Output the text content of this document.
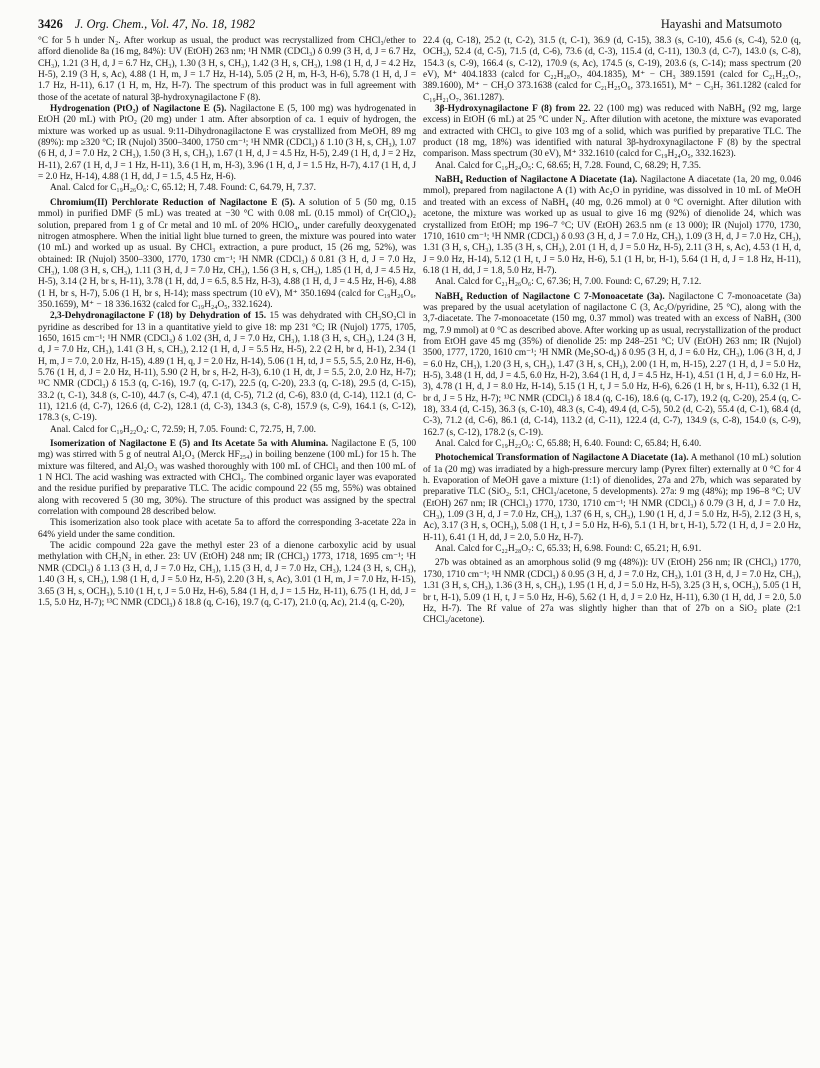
3426 J. Org. Chem., Vol. 47, No. 18, 1982	Hayashi and Matsumoto

°C for 5 h under N₂. After workup as usual, the product was recrystallized from CHCl₃/ether to afford dienolide 8a (16 mg, 84%): UV (EtOH) 263 nm; ¹H NMR (CDCl₃) δ 0.99 (3 H, d, J = 6.7 Hz, CH₃), 1.21 (3 H, d, J = 6.7 Hz, CH₃), 1.30 (3 H, s, CH₃), 1.42 (3 H, s, CH₃), 1.98 (1 H, d, J = 4.2 Hz, H-5), 2.19 (3 H, s, Ac), 4.88 (1 H, m, J = 1.7 Hz, H-14), 5.05 (2 H, m, H-3, H-6), 5.78 (1 H, d, J = 1.7 Hz, H-11), 6.17 (1 H, m, Hz, H-7). The spectrum of this product was in full agreement with those of the acetate of natural 3β-hydroxynagilactone F (8).

Hydrogenation (PtO₂) of Nagilactone E (5). Nagilactone E (5, 100 mg) was hydrogenated in EtOH (20 mL) with PtO₂ (20 mg) under 1 atm. After absorption of ca. 1 equiv of hydrogen, the mixture was worked up as usual. 9:11-Dihydronagilactone E was crystallized from MeOH, 89 mg (89%): mp ≥320 °C; IR (Nujol) 3500–3400, 1750 cm⁻¹; ¹H NMR (CDCl₃) δ 1.10 (3 H, s, CH₃), 1.07 (6 H, d, J = 7.0 Hz, 2 CH₃), 1.50 (3 H, s, CH₃), 1.67 (1 H, d, J = 4.5 Hz, H-5), 2.49 (1 H, d, J = 2 Hz, H-11), 2.67 (1 H, d, J = 1 Hz, H-11), 3.6 (1 H, m, H-3), 3.96 (1 H, d, J = 1.5 Hz, H-7), 4.17 (1 H, d, J = 2.0 Hz, H-14), 4.88 (1 H, dd, J = 1.5, 4.5 Hz, H-6).

Anal. Calcd for C₁₉H₂₆O₆: C, 65.12; H, 7.48. Found: C, 64.79, H, 7.37.

Chromium(II) Perchlorate Reduction of Nagilactone E (5). A solution of 5 (50 mg, 0.15 mmol) in purified DMF (5 mL) was treated at −30 °C with 0.08 mL (0.15 mmol) of Cr(ClO₄)₂ solution, prepared from 1 g of Cr metal and 10 mL of 20% HClO₄, under carefully deoxygenated nitrogen atmosphere. When the initial light blue turned to green, the mixture was poured into water (10 mL) and worked up as usual. By CHCl₃ extraction, a pure product, 15 (26 mg, 52%), was obtained: IR (Nujol) 3500–3300, 1770, 1730 cm⁻¹; ¹H NMR (CDCl₃) δ 0.81 (3 H, d, J = 7.0 Hz, CH₃), 1.08 (3 H, s, CH₃), 1.11 (3 H, d, J = 7.0 Hz, CH₃), 1.56 (3 H, s, CH₃), 1.85 (1 H, d, J = 4.5 Hz, H-5), 3.14 (2 H, br s, H-11), 3.78 (1 H, dd, J = 6.5, 8.5 Hz, H-3), 4.88 (1 H, d, J = 4.5 Hz, H-6), 4.88 (1 H, br s, H-7), 5.06 (1 H, br s, H-14); mass spectrum (10 eV), M⁺ 350.1694 (calcd for C₁₉H₂₆O₆, 350.1659), M⁺ − 18 336.1632 (calcd for C₁₉H₂₄O₅, 332.1624).

2,3-Dehydronagilactone F (18) by Dehydration of 15. 15 was dehydrated with CH₃SO₂Cl in pyridine as described for 13 in a quantitative yield to give 18: mp 231 °C; IR (Nujol) 1775, 1705, 1650, 1615 cm⁻¹; ¹H NMR (CDCl₃) δ 1.02 (3H, d, J = 7.0 Hz, CH₃), 1.18 (3 H, s, CH₃), 1.24 (3 H, d, J = 7.0 Hz, CH₃), 1.41 (3 H, s, CH₃), 2.12 (1 H, d, J = 5.5 Hz, H-5), 2.2 (2 H, br d, H-1), 2.34 (1 H, m, J = 7.0, 2.0 Hz, H-15), 4.89 (1 H, q, J = 2.0 Hz, H-14), 5.06 (1 H, td, J = 5.5, 5.5, 2.0 Hz, H-6), 5.76 (1 H, d, J = 2.0 Hz, H-11), 5.90 (2 H, br s, H-2, H-3), 6.10 (1 H, dt, J = 5.5, 2.0, 2.0 Hz, H-7); ¹³C NMR (CDCl₃) δ 15.3 (q, C-16), 19.7 (q, C-17), 22.5 (q, C-20), 23.3 (q, C-18), 29.5 (d, C-15), 33.2 (t, C-1), 34.8 (s, C-10), 44.7 (s, C-4), 47.1 (d, C-5), 71.2 (d, C-6), 83.0 (d, C-14), 112.1 (d, C-11), 121.6 (d, C-7), 126.6 (d, C-2), 128.1 (d, C-3), 134.3 (s, C-8), 157.9 (s, C-9), 164.1 (s, C-12), 178.3 (s, C-19).

Anal. Calcd for C₁₉H₂₂O₄: C, 72.59; H, 7.05. Found: C, 72.75, H, 7.00.

Isomerization of Nagilactone E (5) and Its Acetate 5a with Alumina. Nagilactone E (5, 100 mg) was stirred with 5 g of neutral Al₂O₃ (Merck HF₂₅₄) in boiling benzene (100 mL) for 15 h. The mixture was filtered, and Al₂O₃ was washed thoroughly with 100 mL of CHCl₃ and then 100 mL of 1 N HCl. The acid washing was extracted with CHCl₃. The combined organic layer was evaporated and the residue purified by preparative TLC. The acidic compound 22 (55 mg, 55%) was obtained along with recovered 5 (30 mg, 30%). The structure of this product was assigned by the spectral correlation with compound 28 described below.

This isomerization also took place with acetate 5a to afford the corresponding 3-acetate 22a in 64% yield under the same condition.

The acidic compound 22a gave the methyl ester 23 of a dienone carboxylic acid by usual methylation with CH₂N₂ in ether. 23: UV (EtOH) 248 nm; IR (CHCl₃) 1773, 1718, 1695 cm⁻¹; ¹H NMR (CDCl₃) δ 1.13 (3 H, d, J = 7.0 Hz, CH₃), 1.15 (3 H, d, J = 7.0 Hz, CH₃), 1.24 (3 H, s, CH₃), 1.40 (3 H, s, CH₃), 1.98 (1 H, d, J = 5.0 Hz, H-5), 2.20 (3 H, s, Ac), 3.01 (1 H, m, J = 7.0 Hz, H-15), 3.65 (3 H, s, OCH₃), 5.10 (1 H, t, J = 5.0 Hz, H-6), 5.84 (1 H, d, J = 1.5 Hz, H-11), 6.75 (1 H, dd, J = 1.5, 5.0 Hz, H-7); ¹³C NMR (CDCl₃) δ 18.8 (q, C-16), 19.7 (q, C-17), 21.0 (q, Ac), 21.4 (q, C-20),

22.4 (q, C-18), 25.2 (t, C-2), 31.5 (t, C-1), 36.9 (d, C-15), 38.3 (s, C-10), 45.6 (s, C-4), 52.0 (q, OCH₃), 52.4 (d, C-5), 71.5 (d, C-6), 73.6 (d, C-3), 115.4 (d, C-11), 130.3 (d, C-7), 143.0 (s, C-8), 154.3 (s, C-9), 166.4 (s, C-12), 170.9 (s, Ac), 174.5 (s, C-19), 203.6 (s, C-14); mass spectrum (20 eV), M⁺ 404.1833 (calcd for C₂₂H₂₈O₇, 404.1835), M⁺ − CH₃ 389.1591 (calcd for C₂₁H₂₅O₇, 389.1600), M⁺ − CH₃O 373.1638 (calcd for C₂₁H₂₅O₆, 373.1651), M⁺ − C₃H₇ 361.1282 (calcd for C₁₉H₂₁O₇, 361.1287).

3β-Hydroxynagilactone F (8) from 22. 22 (100 mg) was reduced with NaBH₄ (92 mg, large excess) in EtOH (6 mL) at 25 °C under N₂. After dilution with acetone, the mixture was evaporated and extracted with CHCl₃ to give 103 mg of a solid, which was purified by preparative TLC. The product (18 mg, 18%) was identified with natural 3β-hydroxynagilactone F (8) by the spectral comparison. Mass spectrum (30 eV), M⁺ 332.1610 (calcd for C₁₉H₂₄O₅, 332.1623).

Anal. Calcd for C₁₉H₂₄O₅: C, 68.65; H, 7.28. Found, C, 68.29; H, 7.35.

NaBH₄ Reduction of Nagilactone A Diacetate (1a). Nagilactone A diacetate (1a, 20 mg, 0.046 mmol), prepared from nagilactone A (1) with Ac₂O in pyridine, was dissolved in 10 mL of MeOH and treated with an excess of NaBH₄ (40 mg, 0.26 mmol) at 0 °C overnight. After dilution with acetone, the mixture was worked up as usual to give 16 mg (92%) of dienolide 24, which was crystallized from EtOH; mp 196–7 °C; UV (EtOH) 263.5 nm (ε 13 000); IR (Nujol) 1770, 1730, 1710, 1610 cm⁻¹; ¹H NMR (CDCl₃) δ 0.93 (3 H, d, J = 7.0 Hz, CH₃), 1.09 (3 H, d, J = 7.0 Hz, CH₃), 1.31 (3 H, s, CH₃), 1.35 (3 H, s, CH₃), 2.01 (1 H, d, J = 5.0 Hz, H-5), 2.11 (3 H, s, Ac), 4.53 (1 H, d, J = 9.0 Hz, H-14), 5.12 (1 H, t, J = 5.0 Hz, H-6), 5.1 (1 H, br, H-1), 5.64 (1 H, d, J = 1.8 Hz, H-11), 6.18 (1 H, dd, J = 1.8, 5.0 Hz, H-7).

Anal. Calcd for C₂₁H₂₆O₆: C, 67.36; H, 7.00. Found: C, 67.29; H, 7.12.

NaBH₄ Reduction of Nagilactone C 7-Monoacetate (3a). Nagilactone C 7-monoacetate (3a) was prepared by the usual acetylation of nagilactone C (3, Ac₂O/pyridine, 25 °C), along with the 3,7-diacetate. The 7-monoacetate (150 mg, 0.37 mmol) was treated with an excess of NaBH₄ (300 mg, 7.9 mmol) at 0 °C as described above. After working up as usual, recrystallization of the product from EtOH gave 45 mg (35%) of dienolide 25: mp 248–251 °C; UV (EtOH) 263 nm; IR (Nujol) 3500, 1777, 1720, 1610 cm⁻¹; ¹H NMR (Me₂SO-d₆) δ 0.95 (3 H, d, J = 6.0 Hz, CH₃), 1.06 (3 H, d, J = 6.0 Hz, CH₃), 1.20 (3 H, s, CH₃), 1.47 (3 H, s, CH₃), 2.00 (1 H, m, H-15), 2.27 (1 H, d, J = 5.0 Hz, H-5), 3.48 (1 H, dd, J = 4.5, 6.0 Hz, H-2), 3.64 (1 H, d, J = 4.5 Hz, H-1), 4.51 (1 H, d, J = 6.0 Hz, H-3), 4.78 (1 H, d, J = 8.0 Hz, H-14), 5.15 (1 H, t, J = 5.0 Hz, H-6), 6.26 (1 H, br s, H-11), 6.32 (1 H, br d, J = 5 Hz, H-7); ¹³C NMR (CDCl₃) δ 18.4 (q, C-16), 18.6 (q, C-17), 19.2 (q, C-20), 25.4 (q, C-18), 33.4 (d, C-15), 36.3 (s, C-10), 48.3 (s, C-4), 49.4 (d, C-5), 50.2 (d, C-2), 55.4 (d, C-1), 68.4 (d, C-3), 71.2 (d, C-6), 86.1 (d, C-14), 113.2 (d, C-11), 122.4 (d, C-7), 134.9 (s, C-8), 154.0 (s, C-9), 162.7 (s, C-12), 178.2 (s, C-19).

Anal. Calcd for C₁₉H₂₂O₆: C, 65.88; H, 6.40. Found: C, 65.84; H, 6.40.

Photochemical Transformation of Nagilactone A Diacetate (1a). A methanol (10 mL) solution of 1a (20 mg) was irradiated by a high-pressure mercury lamp (Pyrex filter) externally at 0 °C for 4 h. Evaporation of MeOH gave a mixture (1:1) of dienolides, 27a and 27b, which was separated by preparative TLC (SiO₂, 5:1, CHCl₃/acetone, 5 developments). 27a: 9 mg (48%); mp 196–8 °C; UV (EtOH) 267 nm; IR (CHCl₃) 1770, 1730, 1710 cm⁻¹; ¹H NMR (CDCl₃) δ 0.79 (3 H, d, J = 7.0 Hz, CH₃), 1.09 (3 H, d, J = 7.0 Hz, CH₃), 1.37 (6 H, s, CH₃), 1.90 (1 H, d, J = 5.0 Hz, H-5), 2.12 (3 H, s, Ac), 3.17 (3 H, s, OCH₃), 5.08 (1 H, t, J = 5.0 Hz, H-6), 5.1 (1 H, br t, H-1), 5.72 (1 H, d, J = 2.0 Hz, H-11), 6.41 (1 H, dd, J = 2.0, 5.0 Hz, H-7).

Anal. Calcd for C₂₂H₂₈O₇: C, 65.33; H, 6.98. Found: C, 65.21; H, 6.91.

27b was obtained as an amorphous solid (9 mg (48%)): UV (EtOH) 256 nm; IR (CHCl₃) 1770, 1730, 1710 cm⁻¹; ¹H NMR (CDCl₃) δ 0.95 (3 H, d, J = 7.0 Hz, CH₃), 1.01 (3 H, d, J = 7.0 Hz, CH₃), 1.31 (3 H, s, CH₃), 1.36 (3 H, s, CH₃), 1.95 (1 H, d, J = 5.0 Hz, H-5), 3.25 (3 H, s, OCH₃), 5.05 (1 H, br t, H-1), 5.09 (1 H, t, J = 5.0 Hz, H-6), 5.62 (1 H, d, J = 2.0 Hz, H-11), 6.30 (1 H, dd, J = 2.0, 5.0 Hz, H-7). The Rf value of 27a was slightly higher than that of 27b on a SiO₂ plate (2:1 CHCl₃/acetone).
